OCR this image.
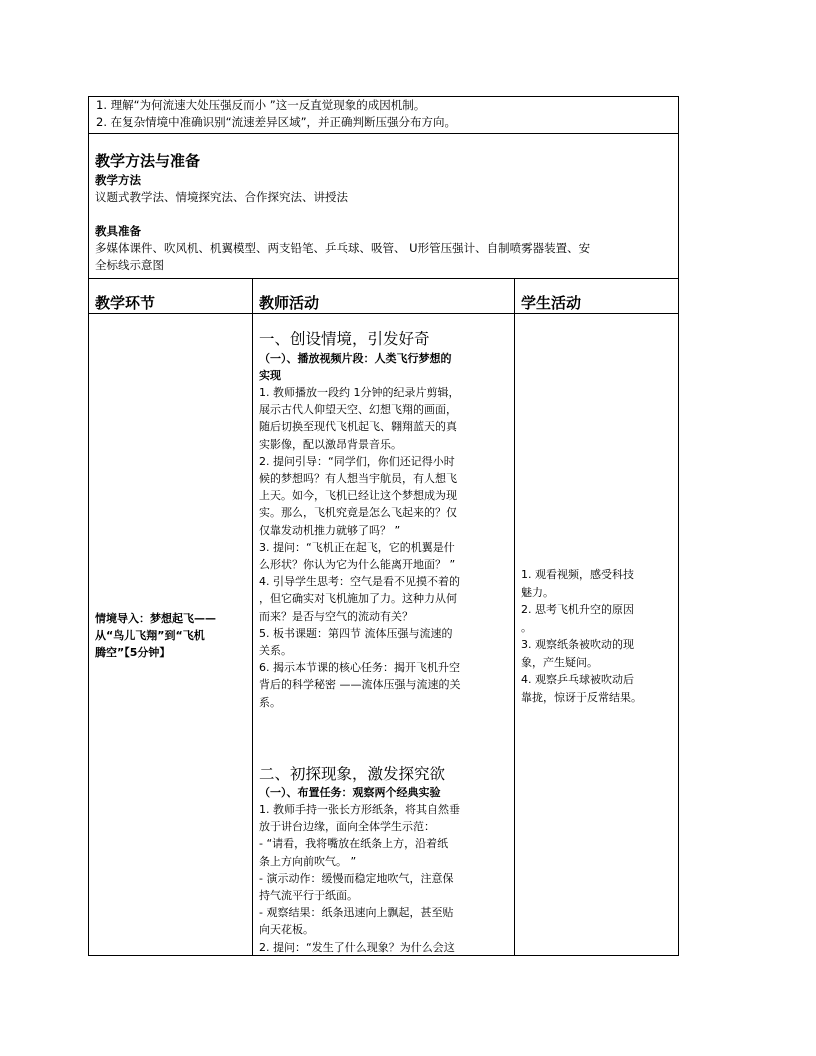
1. 理解“为何流速大处压强反而小 ”这一反直觉现象的成因机制。
2. 在复杂情境中准确识别“流速差异区域”，并正确判断压强分布方向。
教学方法与准备
教学方法
议题式教学法、情境探究法、合作探究法、讲授法
教具准备
多媒体课件、吹风机、机翼模型、两支铅笔、乒乓球、吸管、 U形管压强计、自制喷雾器装置、安
全标线示意图
教学环节	教师活动	学生活动
情境导入：梦想起飞——
从“鸟儿飞翔”到“飞机
腾空”【5分钟】
一、创设情境，引发好奇
（一）、播放视频片段：人类飞行梦想的
实现
1. 教师播放一段约 1分钟的纪录片剪辑，
展示古代人仰望天空、幻想飞翔的画面，
随后切换至现代飞机起飞、翱翔蓝天的真
实影像，配以激昂背景音乐。
2. 提问引导：“同学们，你们还记得小时
候的梦想吗？有人想当宇航员，有人想飞
上天。如今，飞机已经让这个梦想成为现
实。那么，飞机究竟是怎么飞起来的？仅
仅靠发动机推力就够了吗？ ”
3. 提问：“飞机正在起飞，它的机翼是什
么形状？你认为它为什么能离开地面？ ”
4. 引导学生思考：空气是看不见摸不着的
，但它确实对飞机施加了力。这种力从何
而来？是否与空气的流动有关？
5. 板书课题：第四节 流体压强与流速的
关系。
6. 揭示本节课的核心任务：揭开飞机升空
背后的科学秘密 ——流体压强与流速的关
系。
二、初探现象，激发探究欲
（一）、布置任务：观察两个经典实验
1. 教师手持一张长方形纸条，将其自然垂
放于讲台边缘，面向全体学生示范：
- “请看，我将嘴放在纸条上方，沿着纸
条上方向前吹气。 ”
- 演示动作：缓慢而稳定地吹气，注意保
持气流平行于纸面。
- 观察结果：纸条迅速向上飘起，甚至贴
向天花板。
2. 提问：“发生了什么现象？为什么会这
1. 观看视频，感受科技
魅力。
2. 思考飞机升空的原因
。
3. 观察纸条被吹动的现
象，产生疑问。
4. 观察乒乓球被吹动后
靠拢，惊讶于反常结果。
